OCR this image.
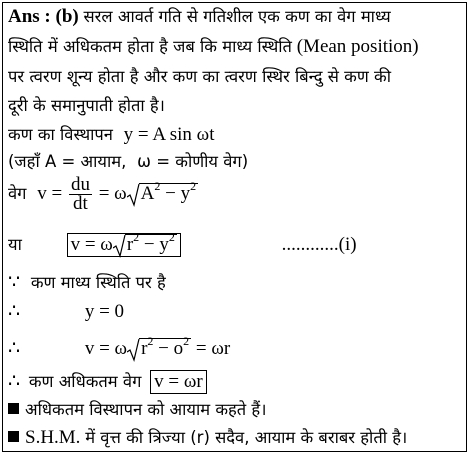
Ans : (b) सरल आवर्त गति से गतिशील एक कण का वेग माध्य
स्थिति में अधिकतम होता है जब कि माध्य स्थिति (Mean position)
पर त्वरण शून्य होता है और कण का त्वरण स्थिर बिन्दु से कण की
दूरी के समानुपाती होता है।
कण का विस्थापन y = A sin ωt
(जहाँ A = आयाम, ω = कोणीय वेग)
वेग $v = \frac{du}{dt} = \omega$ $A^2 - y^2$
या	v = ω $r^2 - y^2$	............(i)
∵ कण माध्य स्थिति पर है
∴	y = 0
∴	v = ω $r^2 - o^2 = \omega r$
∴ कण अधिकतम वेग v = ωr
अधिकतम विस्थापन को आयाम कहते हैं।
S.H.M. में वृत्त की त्रिज्या (r) सदैव, आयाम के बराबर होती है।
